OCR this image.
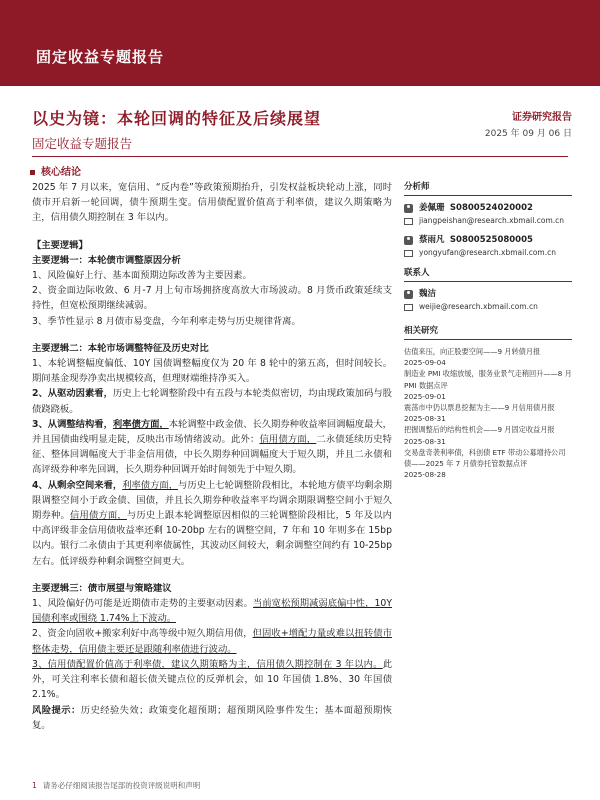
固定收益专题报告
以史为镜：本轮回调的特征及后续展望
固定收益专题报告
证券研究报告
2025 年 09 月 06 日
核心结论

2025 年 7 月以来，宽信用、“反内卷”等政策预期抬升，引发权益板块轮动上涨，同时债市开启新一轮回调，债牛预期生变。信用债配置价值高于利率债，建议久期策略为主，信用债久期控制在 3 年以内。

【主要逻辑】

主要逻辑一：本轮债市调整原因分析

1、风险偏好上行、基本面预期边际改善为主要因素。

2、资金面边际收敛、6 月-7 月上旬市场拥挤度高放大市场波动。8 月货币政策延续支持性，但宽松预期继续减弱。

3、季节性显示 8 月债市易变盘，今年利率走势与历史规律背离。

主要逻辑二：本轮市场调整特征及历史对比

1、本轮调整幅度偏低、10Y 国债调整幅度仅为 20 年 8 轮中的第五高，但时间较长。期间基金现券净卖出规模较高，但理财端维持净买入。

2、从驱动因素看，历史上七轮调整阶段中有五段与本轮类似密切，均由现政策加码与股债跷跷板。

3、从调整结构看，利率债方面，本轮调整中政金债、长久期券种收益率回调幅度最大，并且国债曲线明显走陡，反映出市场情绪波动。此外：信用债方面，二永债延续历史特征、整体回调幅度大于非金信用债，中长久期券种回调幅度大于短久期，并且二永债和高评级券种率先回调，长久期券种回调开始时间领先于中短久期。

4、从剩余空间来看，利率债方面，与历史上七轮调整阶段相比，本轮地方债平均剩余期限调整空间小于政金债、国债，并且长久期券种收益率平均调余期限调整空间小于短久期券种。信用债方面，与历史上跟本轮调整原因相似的三轮调整阶段相比，5 年及以内中高评级非金信用债收益率还剩 10-20bp 左右的调整空间，7 年和 10 年则多在 15bp 以内。银行二永债由于其更利率债属性，其波动区间较大，剩余调整空间约有 10-25bp 左右。低评级券种剩余调整空间更大。

主要逻辑三：债市展望与策略建议

1、风险偏好仍可能是近期债市走势的主要驱动因素。当前宽松预期减弱底偏中性，10Y 国债利率或围绕 1.74%上下波动。

2、资金向固收+搬家利好中高等级中短久期信用债，但固收+增配力量或难以扭转债市整体走势，信用债主要还是跟随利率债进行波动。

3、信用债配置价值高于利率债，建议久期策略为主，信用债久期控制在 3 年以内。此外，可关注利率长债和超长债关键点位的反弹机会，如 10 年国债 1.8%、30 年国债 2.1%。

风险提示：历史经验失效；政策变化超预期；超预期风险事件发生；基本面超预期恢复。

分析师
姜佩珊
S0800524020002
jiangpeishan@research.xbmail.com.cn
蔡雨凡
S0800525080005
yongyufan@research.xbmail.com.cn
联系人
魏洁
weijie@research.xbmail.com.cn
相关研究
估值来压，向正股要空间——9 月转债月报
2025-09-04
制造业 PMI 收缩放缓，服务业景气走稍回升——8 月 PMI 数据点评
2025-09-01
震荡市中仍以票息挖掘为主——9 月信用债月报
2025-08-31
把握调整后的结构性机会——9 月固定收益月报
2025-08-31
交易盘奇袭利率债，科创债 ETF 带动公募增持公司债——2025 年 7 月债券托管数据点评
2025-08-28
1 请务必仔细阅读报告尾部的投资评级说明和声明
